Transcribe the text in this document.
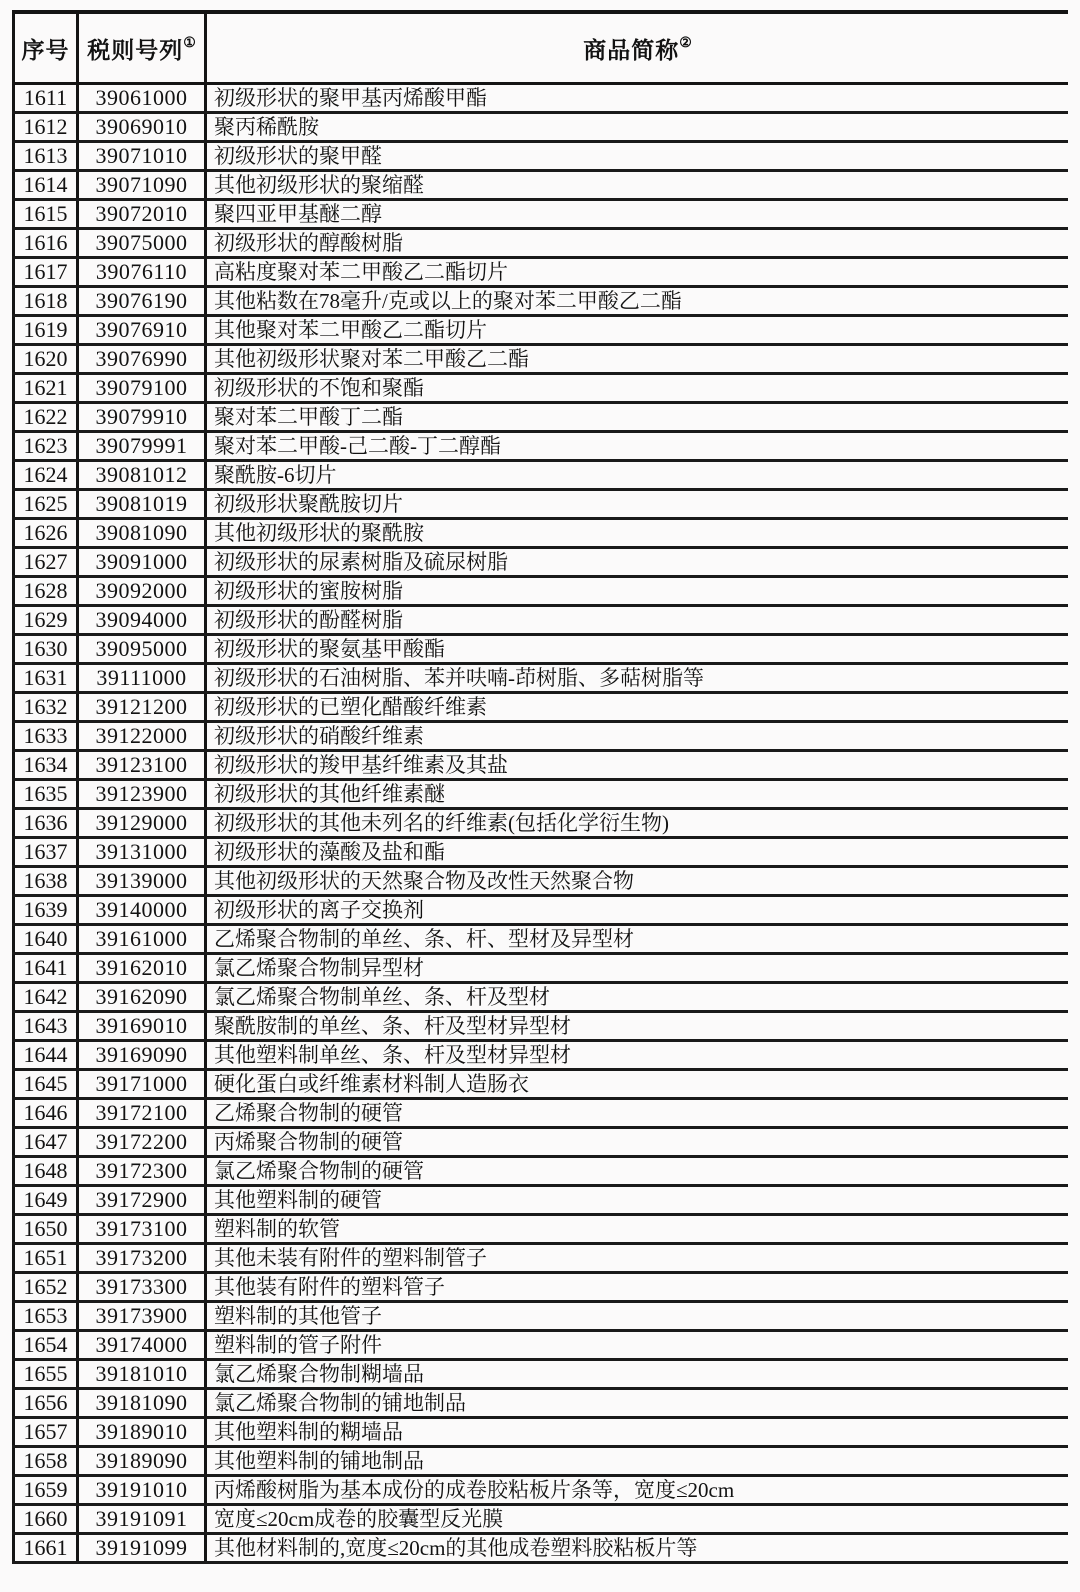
序号	税则号列①	商品简称②
1611	39061000	初级形状的聚甲基丙烯酸甲酯
1612	39069010	聚丙稀酰胺
1613	39071010	初级形状的聚甲醛
1614	39071090	其他初级形状的聚缩醛
1615	39072010	聚四亚甲基醚二醇
1616	39075000	初级形状的醇酸树脂
1617	39076110	高粘度聚对苯二甲酸乙二酯切片
1618	39076190	其他粘数在78毫升/克或以上的聚对苯二甲酸乙二酯
1619	39076910	其他聚对苯二甲酸乙二酯切片
1620	39076990	其他初级形状聚对苯二甲酸乙二酯
1621	39079100	初级形状的不饱和聚酯
1622	39079910	聚对苯二甲酸丁二酯
1623	39079991	聚对苯二甲酸-己二酸-丁二醇酯
1624	39081012	聚酰胺-6切片
1625	39081019	初级形状聚酰胺切片
1626	39081090	其他初级形状的聚酰胺
1627	39091000	初级形状的尿素树脂及硫尿树脂
1628	39092000	初级形状的蜜胺树脂
1629	39094000	初级形状的酚醛树脂
1630	39095000	初级形状的聚氨基甲酸酯
1631	39111000	初级形状的石油树脂、苯并呋喃-茚树脂、多萜树脂等
1632	39121200	初级形状的已塑化醋酸纤维素
1633	39122000	初级形状的硝酸纤维素
1634	39123100	初级形状的羧甲基纤维素及其盐
1635	39123900	初级形状的其他纤维素醚
1636	39129000	初级形状的其他未列名的纤维素(包括化学衍生物)
1637	39131000	初级形状的藻酸及盐和酯
1638	39139000	其他初级形状的天然聚合物及改性天然聚合物
1639	39140000	初级形状的离子交换剂
1640	39161000	乙烯聚合物制的单丝、条、杆、型材及异型材
1641	39162010	氯乙烯聚合物制异型材
1642	39162090	氯乙烯聚合物制单丝、条、杆及型材
1643	39169010	聚酰胺制的单丝、条、杆及型材异型材
1644	39169090	其他塑料制单丝、条、杆及型材异型材
1645	39171000	硬化蛋白或纤维素材料制人造肠衣
1646	39172100	乙烯聚合物制的硬管
1647	39172200	丙烯聚合物制的硬管
1648	39172300	氯乙烯聚合物制的硬管
1649	39172900	其他塑料制的硬管
1650	39173100	塑料制的软管
1651	39173200	其他未装有附件的塑料制管子
1652	39173300	其他装有附件的塑料管子
1653	39173900	塑料制的其他管子
1654	39174000	塑料制的管子附件
1655	39181010	氯乙烯聚合物制糊墙品
1656	39181090	氯乙烯聚合物制的铺地制品
1657	39189010	其他塑料制的糊墙品
1658	39189090	其他塑料制的铺地制品
1659	39191010	丙烯酸树脂为基本成份的成卷胶粘板片条等，宽度≤20cm
1660	39191091	宽度≤20cm成卷的胶囊型反光膜
1661	39191099	其他材料制的,宽度≤20cm的其他成卷塑料胶粘板片等
